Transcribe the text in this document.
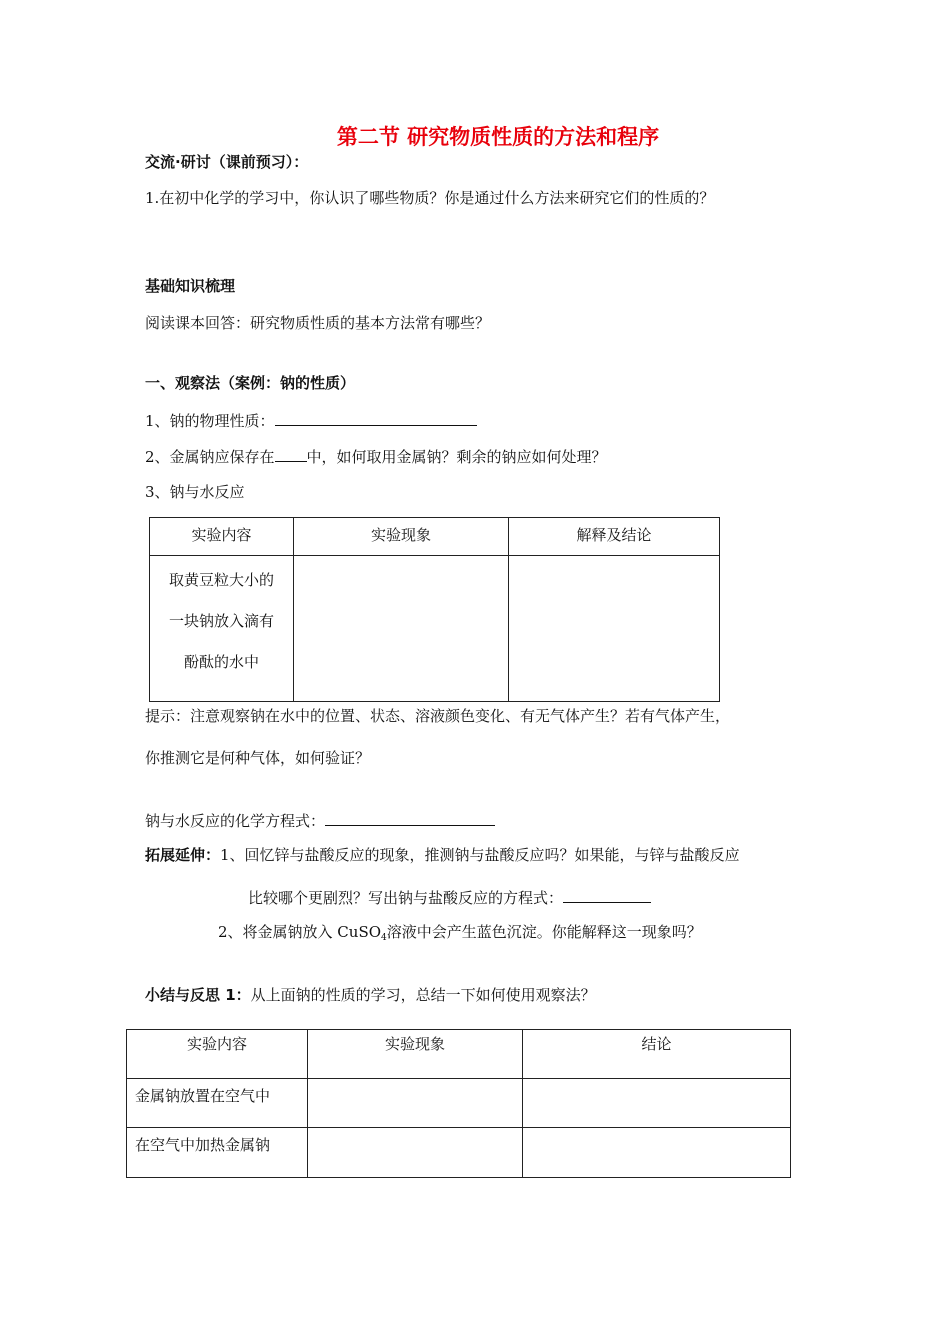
第二节 研究物质性质的方法和程序
交流·研讨（课前预习）：
1.在初中化学的学习中，你认识了哪些物质？你是通过什么方法来研究它们的性质的？
基础知识梳理
阅读课本回答：研究物质性质的基本方法常有哪些？
一、观察法（案例：钠的性质）
1、钠的物理性质：
2、金属钠应保存在 中，如何取用金属钠？剩余的钠应如何处理？
3、钠与水反应
实验内容	实验现象	解释及结论

取黄豆粒大小的
一块钠放入滴有
酚酞的水中		

提示：注意观察钠在水中的位置、状态、溶液颜色变化、有无气体产生？若有气体产生，
你推测它是何种气体，如何验证？
钠与水反应的化学方程式：
拓展延伸：1、回忆锌与盐酸反应的现象，推测钠与盐酸反应吗？如果能，与锌与盐酸反应
比较哪个更剧烈？写出钠与盐酸反应的方程式：
2、将金属钠放入 CuSO$_4$溶液中会产生蓝色沉淀。你能解释这一现象吗？
小结与反思 1：从上面钠的性质的学习，总结一下如何使用观察法？
实验内容	实验现象	结论

金属钠放置在空气中		

在空气中加热金属钠		
